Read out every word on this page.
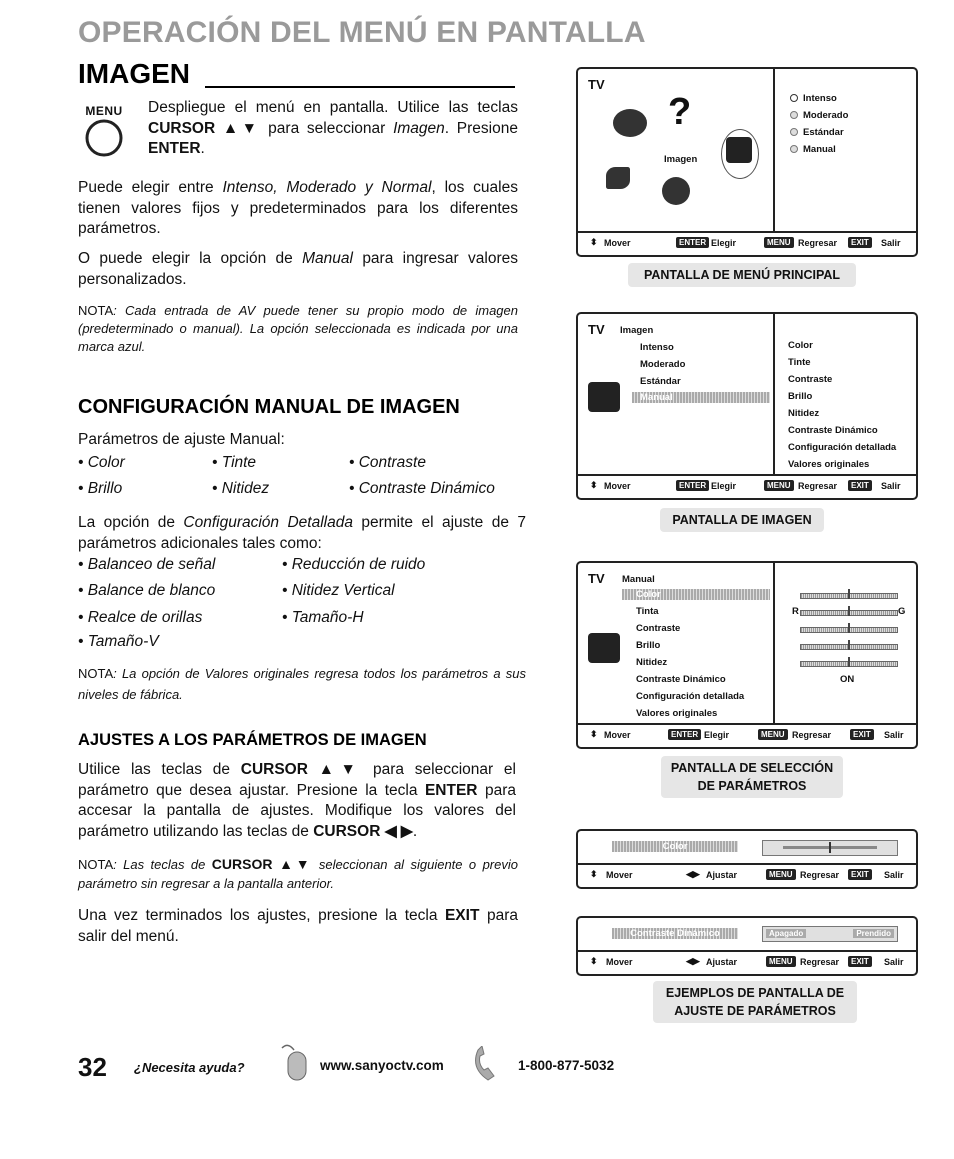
OPERACIÓN DEL MENÚ EN PANTALLA
IMAGEN
MENU	Despliegue el menú en pantalla. Utilice las teclas CURSOR ▲▼ para seleccionar Imagen. Presione ENTER.
Puede elegir entre Intenso, Moderado y Normal, los cuales tienen valores fijos y predeterminados para los diferentes parámetros.
O puede elegir la opción de Manual para ingresar valores personalizados.
NOTA: Cada entrada de AV puede tener su propio modo de imagen (predeterminado o manual). La opción seleccionada es indicada por una marca azul.
CONFIGURACIÓN MANUAL DE IMAGEN
Parámetros de ajuste Manual:
• Color	• Tinte	• Contraste
• Brillo	• Nitidez	• Contraste Dinámico
La opción de Configuración Detallada permite el ajuste de 7 parámetros adicionales tales como:
• Balanceo de señal	• Reducción de ruido
• Balance de blanco	• Nitidez Vertical
• Realce de orillas	• Tamaño-H
• Tamaño-V
NOTA: La opción de Valores originales regresa todos los parámetros a sus niveles de fábrica.
AJUSTES A LOS PARÁMETROS DE IMAGEN
Utilice las teclas de CURSOR ▲▼ para seleccionar el parámetro que desea ajustar. Presione la tecla ENTER para accesar la pantalla de ajustes. Modifique los valores del parámetro utilizando las teclas de CURSOR ◀ ▶.
NOTA: Las teclas de CURSOR ▲▼ seleccionan al siguiente o previo parámetro sin regresar a la pantalla anterior.
Una vez terminados los ajustes, presione la tecla EXIT para salir del menú.
TV
?
Imagen
Intenso
Moderado
Estándar
Manual
⬍ Mover	ENTER Elegir	MENU Regresar	EXIT	Salir
PANTALLA DE MENÚ PRINCIPAL
TV Imagen
Intenso
Moderado
Estándar
Manual
Color
Tinte
Contraste
Brillo
Nitidez
Contraste Dinámico
Configuración detallada
Valores originales
⬍ Mover	ENTER Elegir	MENU Regresar	EXIT	Salir
PANTALLA DE IMAGEN
TV Manual
Color
Tinta
Contraste
Brillo
Nitidez
Contraste Dinámico
Configuración detallada
Valores originales
R	G
ON
⬍ Mover	ENTER Elegir	MENU Regresar	EXIT	Salir
PANTALLA DE SELECCIÓN
DE PARÁMETROS
Color
⬍ Mover	◀▶ Ajustar	MENU Regresar	EXIT	Salir
Contraste Dinámico	Apagado	Prendido
⬍ Mover	◀▶ Ajustar	MENU Regresar	EXIT	Salir
EJEMPLOS DE PANTALLA DE
AJUSTE DE PARÁMETROS
32 ¿Necesita ayuda?	www.sanyoctv.com	1-800-877-5032
